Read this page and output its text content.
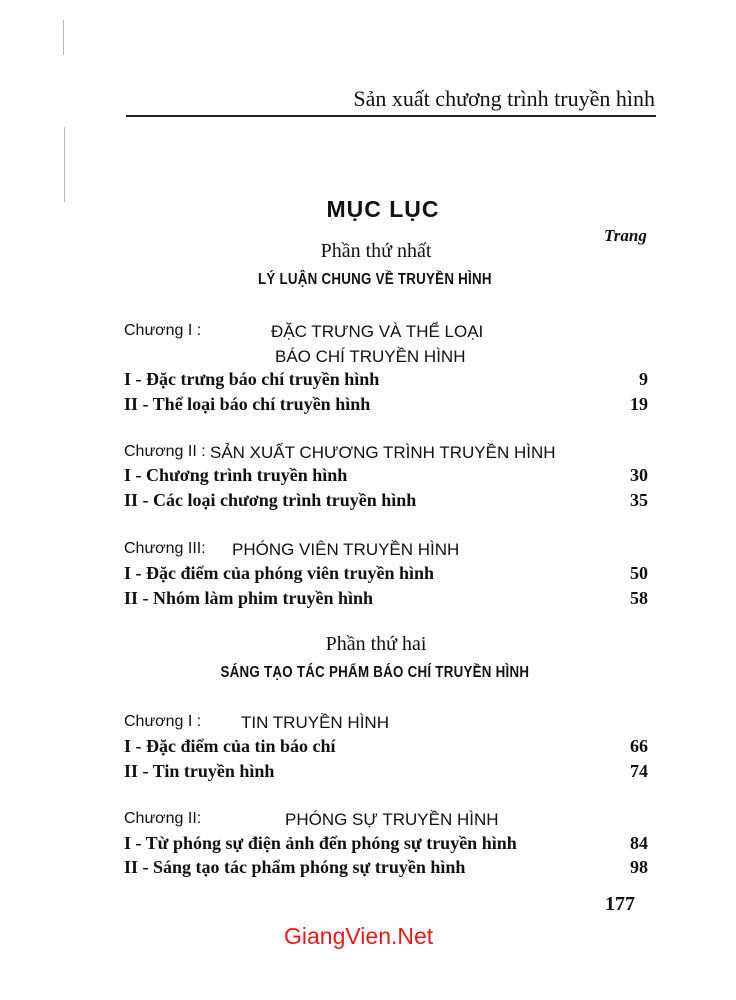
Sản xuất chương trình truyền hình
MỤC LỤC
Trang
Phần thứ nhất
LÝ LUẬN CHUNG VỀ TRUYỀN HÌNH
Chương I :	ĐẶC TRƯNG VÀ THỂ LOẠI
BÁO CHÍ TRUYỀN HÌNH
I - Đặc trưng báo chí truyền hình	9
II - Thể loại báo chí truyền hình	19
Chương II : SẢN XUẤT CHƯƠNG TRÌNH TRUYỀN HÌNH
I - Chương trình truyền hình	30
II - Các loại chương trình truyền hình	35
Chương III: PHÓNG VIÊN TRUYỀN HÌNH
I - Đặc điểm của phóng viên truyền hình	50
II - Nhóm làm phim truyền hình	58
Phần thứ hai
SÁNG TẠO TÁC PHẨM BÁO CHÍ TRUYỀN HÌNH
Chương I : TIN TRUYỀN HÌNH
I - Đặc điểm của tin báo chí	66
II - Tin truyền hình	74
Chương II:	PHÓNG SỰ TRUYỀN HÌNH
I - Từ phóng sự điện ảnh đến phóng sự truyền hình	84
II - Sáng tạo tác phẩm phóng sự truyền hình	98
177
GiangVien.Net
